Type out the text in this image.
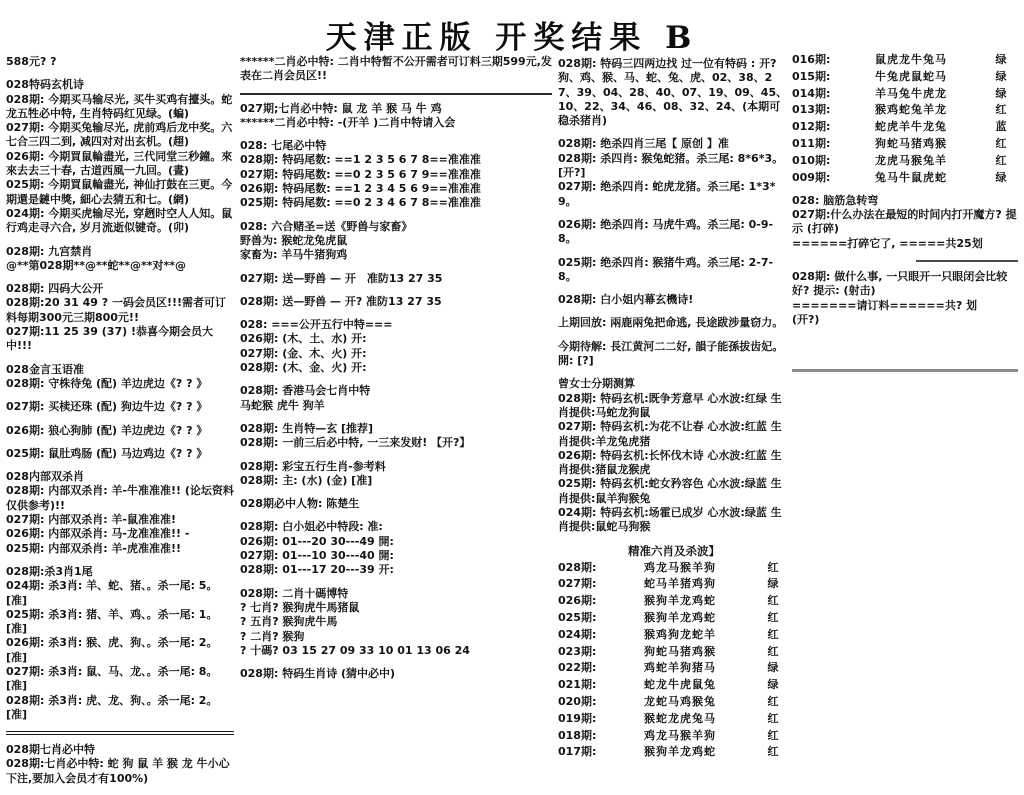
天津正版 开奖结果 B
588元? ?
028特码玄机诗
028期: 今期买马输尽光, 买牛买鸡有擡头。蛇龙五牲必中特, 生肖特码红见绿。(蝙)
027期: 今期买兔输尽光, 虎前鸡后龙中奖。六七合三四二到, 减四对对出玄机。(趐)
026期: 今期買鼠輪盡光, 三代同堂三秒鐘。來來去去三十春, 古道西風一九回。(晝)
025期: 今期買鼠輪盡光, 神仙打鼓在三更。今期還是鏈中獎, 細心去猜五和七。(網)
024期: 今期买虎输尽光, 穿趔时空人人知。鼠行鸡走寻六合, 岁月流逝似键奇。(卯)
028期: 九宫禁肖
@**第028期**@**蛇**@**对**@
028期: 四码大公开
028期:20 31 49 ? 一码会员区!!!需者可订料每期300元三期800元!!
027期:11 25 39 (37) !恭喜今期会员大中!!!
028金言玉语准
028期: 守株待兔 (配) 羊边虎边《? ? 》
027期: 买椟还珠 (配) 狗边牛边《? ? 》
026期: 狼心狗肺 (配) 羊边虎边《? ? 》
025期: 鼠肚鸡肠 (配) 马边鸡边《? ? 》
028内部双杀肖
028期: 内部双杀肖: 羊-牛准准准!! (论坛资料仅供参考)!!
027期: 内部双杀肖: 羊-鼠准准准!
026期: 内部双杀肖: 马-龙准准准!! -
025期: 内部双杀肖: 羊-虎准准准!!
028期:杀3肖1尾
024期: 杀3肖: 羊、蛇、猪、。杀一尾: 5。[准]
025期: 杀3肖: 猪、羊、鸡、。杀一尾: 1。[准]
026期: 杀3肖: 猴、虎、狗、。杀一尾: 2。[准]
027期: 杀3肖: 鼠、马、龙、。杀一尾: 8。[准]
028期: 杀3肖: 虎、龙、狗、。杀一尾: 2。[准]
028期七肖必中特
028期:七肖必中特: 蛇 狗 鼠 羊 猴 龙 牛小心下注,要加入会员才有100%)
******二肖必中特: 二肖中特暂不公开需者可订料三期599元,发表在二肖会员区!!
027期;七肖必中特: 鼠 龙 羊 猴 马 牛 鸡
******二肖必中特: -(开羊 )二肖中特请入会
028: 七尾必中特
028期: 特码尾数: ==1 2 3 5 6 7 8==准准准
027期: 特码尾数: ==0 2 3 5 6 7 9==准准准
026期: 特码尾数: ==1 2 3 4 5 6 9==准准准
025期: 特码尾数: ==0 2 3 4 6 7 8==准准准
028: 六合赌圣=送《野兽与家畜》
野兽为: 猴蛇龙兔虎鼠
家畜为: 羊马牛猪狗鸡
027期: 送—野兽 — 开　准防13 27 35
028期: 送—野兽 — 开? 准防13 27 35
028: ===公开五行中特===
026期: (木、土、水) 开:
027期: (金、木、火) 开:
028期: (木、金、火) 开:
028期: 香港马会七肖中特
马蛇猴 虎牛 狗羊
028期: 生肖特—玄 [推荐]
028期: 一前三后必中特, 一三来发财! 【开?】
028期: 彩宝五行生肖-参考料
028期: 主: (水) (金) [准]
028期必中人物: 陈楚生
028期: 白小姐必中特段: 准:
026期: 01---20 30---49 開:
027期: 01---10 30---40 開:
028期: 01---17 20---39 开:
028期: 二肖十碼博特
? 七肖? 猴狗虎牛馬猪鼠
? 五肖? 猴狗虎牛馬
? 二肖? 猴狗
? 十碼? 03 15 27 09 33 10 01 13 06 24
028期: 特码生肖诗 (猜中必中)
028期: 特码三四两边找 过一位有特码 : 开?
狗、鸡、猴、马、蛇、兔、虎、02、38、27、39、04、28、40、07、19、09、45、10、22、34、46、08、32、24、(本期可稳杀猪肖)
028期: 绝杀四肖三尾【 原创 】准
028期: 杀四肖: 猴兔蛇猪。杀三尾: 8*6*3。[开?]
027期: 绝杀四肖: 蛇虎龙猪。杀三尾: 1*3*9。
026期: 绝杀四肖: 马虎牛鸡。杀三尾: 0-9-8。
025期: 绝杀四肖: 猴猪牛鸡。杀三尾: 2-7-8。
028期: 白小姐内幕玄機诗!
上期回放: 兩鹿兩兔把命逃, 長途跋涉量窃力。
今期待解: 長江黄河二二好, 韻子能孫拔齿妃。開: [?]
曾女士分期测算
028期: 特码玄机:既争芳意早 心水波:红绿 生肖提供:马蛇龙狗鼠
027期: 特码玄机:为花不让春 心水波:红蓝 生肖提供:羊龙兔虎猪
026期: 特码玄机:长怀伐木诗 心水波:红蓝 生肖提供:猪鼠龙猴虎
025期: 特码玄机:蛇女矜容色 心水波:绿蓝 生肖提供:鼠羊狗猴兔
024期: 特码玄机:场霍已成岁 心水波:绿蓝 生肖提供:鼠蛇马狗猴
精准六肖及杀波】
028期:	鸡龙马猴羊狗	红
027期:	蛇马羊猪鸡狗	绿
026期:	猴狗羊龙鸡蛇	红
025期:	猴狗羊龙鸡蛇	红
024期:	猴鸡狗龙蛇羊	红
023期:	狗蛇马猪鸡猴	红
022期:	鸡蛇羊狗猪马	绿
021期:	蛇龙牛虎鼠兔	绿
020期:	龙蛇马鸡猴兔	红
019期:	猴蛇龙虎兔马	红
018期:	鸡龙马猴羊狗	红
017期:	猴狗羊龙鸡蛇	红
016期:	鼠虎龙牛兔马	绿
015期:	牛兔虎鼠蛇马	绿
014期:	羊马兔牛虎龙	绿
013期:	猴鸡蛇兔羊龙	红
012期:	蛇虎羊牛龙兔	蓝
011期:	狗蛇马猪鸡猴	红
010期:	龙虎马猴兔羊	红
009期:	兔马牛鼠虎蛇	绿
028: 脑筋急转弯
027期:什么办法在最短的时间内打开魔方? 提示 (打碎)
======打碎它了, =====共25划
028期: 做什么事, 一只眼开一只眼闭会比较好? 提示: (射击)
=======请订料======共? 划
(开?)
